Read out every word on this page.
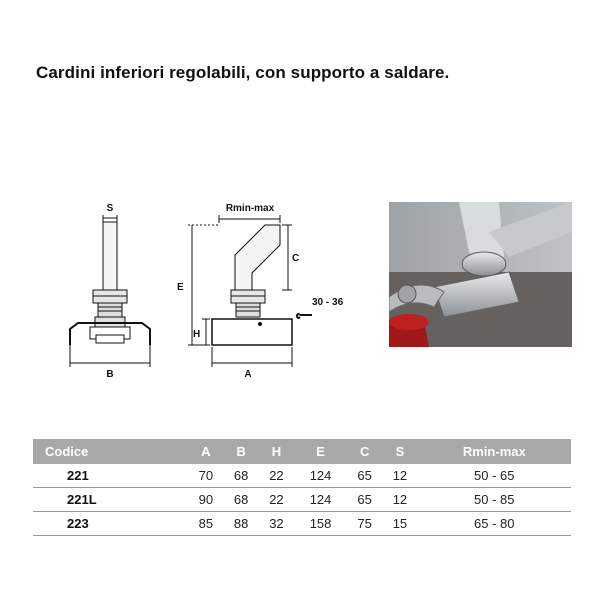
Cardini inferiori regolabili, con supporto a saldare.
S
B
Rmin-max
C
E
H
A
30 - 36
Codice	A	B	H	E	C	S	Rmin-max
221	70	68	22	124	65	12	50 - 65
221L	90	68	22	124	65	12	50 - 85
223	85	88	32	158	75	15	65 - 80
